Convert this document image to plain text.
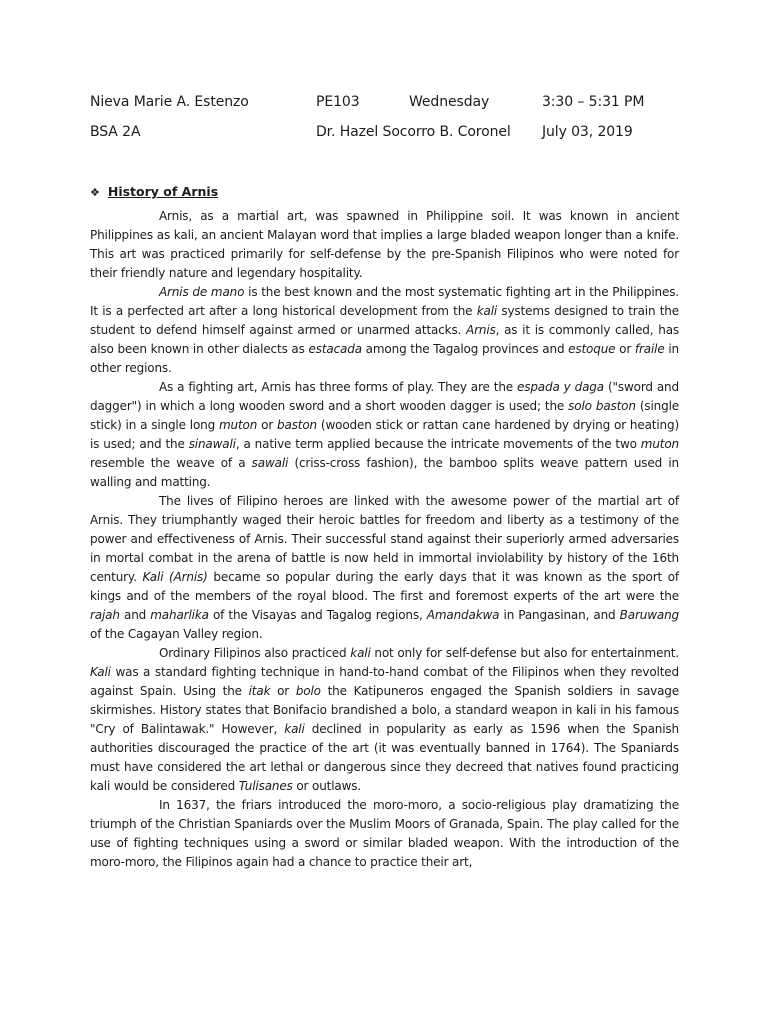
Nieva Marie A. Estenzo	PE103	Wednesday	3:30 – 5:31 PM
BSA 2A	Dr. Hazel Socorro B. Coronel July 03, 2019
❖ History of Arnis

Arnis, as a martial art, was spawned in Philippine soil. It was known in ancient Philippines as kali, an ancient Malayan word that implies a large bladed weapon longer than a knife. This art was practiced primarily for self-defense by the pre-Spanish Filipinos who were noted for their friendly nature and legendary hospitality.

Arnis de mano is the best known and the most systematic fighting art in the Philippines. It is a perfected art after a long historical development from the kali systems designed to train the student to defend himself against armed or unarmed attacks. Arnis, as it is commonly called, has also been known in other dialects as estacada among the Tagalog provinces and estoque or fraile in other regions.

As a fighting art, Arnis has three forms of play. They are the espada y daga ("sword and dagger") in which a long wooden sword and a short wooden dagger is used; the solo baston (single stick) in a single long muton or baston (wooden stick or rattan cane hardened by drying or heating) is used; and the sinawali, a native term applied because the intricate movements of the two muton resemble the weave of a sawali (criss-cross fashion), the bamboo splits weave pattern used in walling and matting.

The lives of Filipino heroes are linked with the awesome power of the martial art of Arnis. They triumphantly waged their heroic battles for freedom and liberty as a testimony of the power and effectiveness of Arnis. Their successful stand against their superiorly armed adversaries in mortal combat in the arena of battle is now held in immortal inviolability by history of the 16th century. Kali (Arnis) became so popular during the early days that it was known as the sport of kings and of the members of the royal blood. The first and foremost experts of the art were the rajah and maharlika of the Visayas and Tagalog regions, Amandakwa in Pangasinan, and Baruwang of the Cagayan Valley region.

Ordinary Filipinos also practiced kali not only for self-defense but also for entertainment. Kali was a standard fighting technique in hand-to-hand combat of the Filipinos when they revolted against Spain. Using the itak or bolo the Katipuneros engaged the Spanish soldiers in savage skirmishes. History states that Bonifacio brandished a bolo, a standard weapon in kali in his famous "Cry of Balintawak." However, kali declined in popularity as early as 1596 when the Spanish authorities discouraged the practice of the art (it was eventually banned in 1764). The Spaniards must have considered the art lethal or dangerous since they decreed that natives found practicing kali would be considered Tulisanes or outlaws.

In 1637, the friars introduced the moro-moro, a socio-religious play dramatizing the triumph of the Christian Spaniards over the Muslim Moors of Granada, Spain. The play called for the use of fighting techniques using a sword or similar bladed weapon. With the introduction of the moro-moro, the Filipinos again had a chance to practice their art,
